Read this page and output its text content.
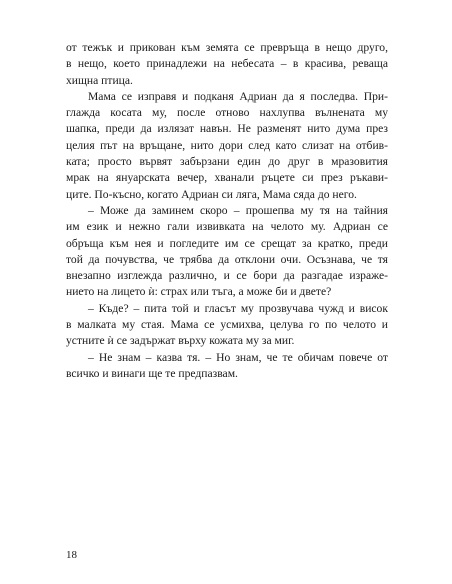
от тежък и прикован към земята се превръща в нещо друго,
в нещо, което принадлежи на небесата – в красива, реваща
хищна птица.
Мама се изправя и подканя Адриан да я последва. При-
глажда косата му, после отново нахлупва вълнената му
шапка, преди да излязат навън. Не разменят нито дума през
целия път на връщане, нито дори след като слизат на отбив-
ката; просто вървят забързани един до друг в мразовития
мрак на януарската вечер, хванали ръцете си през ръкави-
ците. По-късно, когато Адриан си ляга, Мама сяда до него.
– Може да заминем скоро – прошепва му тя на тайния
им език и нежно гали извивката на челото му. Адриан се
обръща към нея и погледите им се срещат за кратко, преди
той да почувства, че трябва да отклони очи. Осъзнава, че тя
внезапно изглежда различно, и се бори да разгадае израже-
нието на лицето ѝ: страх или тъга, а може би и двете?
– Къде? – пита той и гласът му прозвучава чужд и висок
в малката му стая. Мама се усмихва, целува го по челото и
устните ѝ се задържат върху кожата му за миг.
– Не знам – казва тя. – Но знам, че те обичам повече от
всичко и винаги ще те предпазвам.
18
